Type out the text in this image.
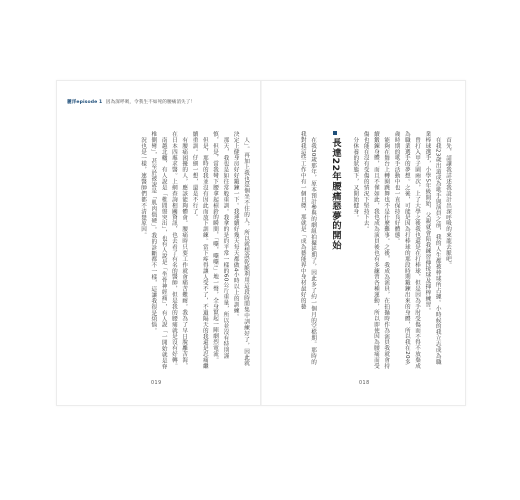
人」。再加上我也是個坐不住的人，所以就想說乾脆利用這段時間集中訓練好了，因此就決定上健身房好好鍛鍊一下。我連續好幾天每天都做4小時以上的訓練。

那天，我也是如往常般重訓。我拿的是約平常一樣的60公斤重量，所以並沒有特別謹慎，但是，當我彎下腰拿起槓鈴的瞬間，「嘶，嘶嘶!」地一聲，全身竄起一陣劇烈電流。

但是，那時的我並沒有因此而放下訓練。當下疼得讓人受不了，不過隔天的我還是忍痛繼續重訓。仔細一想，還是不行了。

有腰痛困擾的人，應該能夠體會。腰痛時只要工作就會痛苦難耐。我為了早日脫離苦海，在日本四處求醫。上網查詢相關資訊，也去看了有名的醫師，但是我的腰痛就是沒有好轉。

南越北轍，有人說是「椎間盤突出」，也有人說是「坐骨神經痛」，有人說「一開始就是脊椎側彎」，甚至於被說是「肌肉僵硬」。我的診斷都不一樣，這讓我很是煩惱。

況也是一樣，連醫師們都不清楚原因。

019
麗洋episode 1 因為深呼吸，令我生不如死的腰痛消失了！

首先，請讓我詳述我設計出深呼吸的來龍去脈吧。

在我23歲出道成為歌手與演員之前，我的人生都被棒球所占據。小時候的我立志成為職業棒球選手，小學5年級開始，父親就會陪我練習傳接球及揮棒練習。

曾打入甲子園兩次，上了大學之後我也還是在打棒球，但是因為手肘受傷而不得不放棄成為職業選手的夢想。之後，可能是因為打棒球的那段時期鍛鍊出來的身體，所以我在20多歲時期的歌手活動中也一直保持良好體態。

能夠在舞台上轉圈跳舞也不是什麼難事。之後，我成為演員，在拍攝時作為演員我就會持續鍛鍊身體，而且不僅如此，我也成為演員後也有多練習各種運動，所以即使因為腰痛而受傷也能在沒有受傷的情況下堅持下去。

分休養的狀態下，又開始健身。

長達22年腰痛惡夢的開始

在我30歲那年，原本預計參與的劇組拍攝延期了，因此多了約一個月的空檔期。那時的我對我這些工作中有一個目標，那就是「成為藝能界中身材最好的藝

018
